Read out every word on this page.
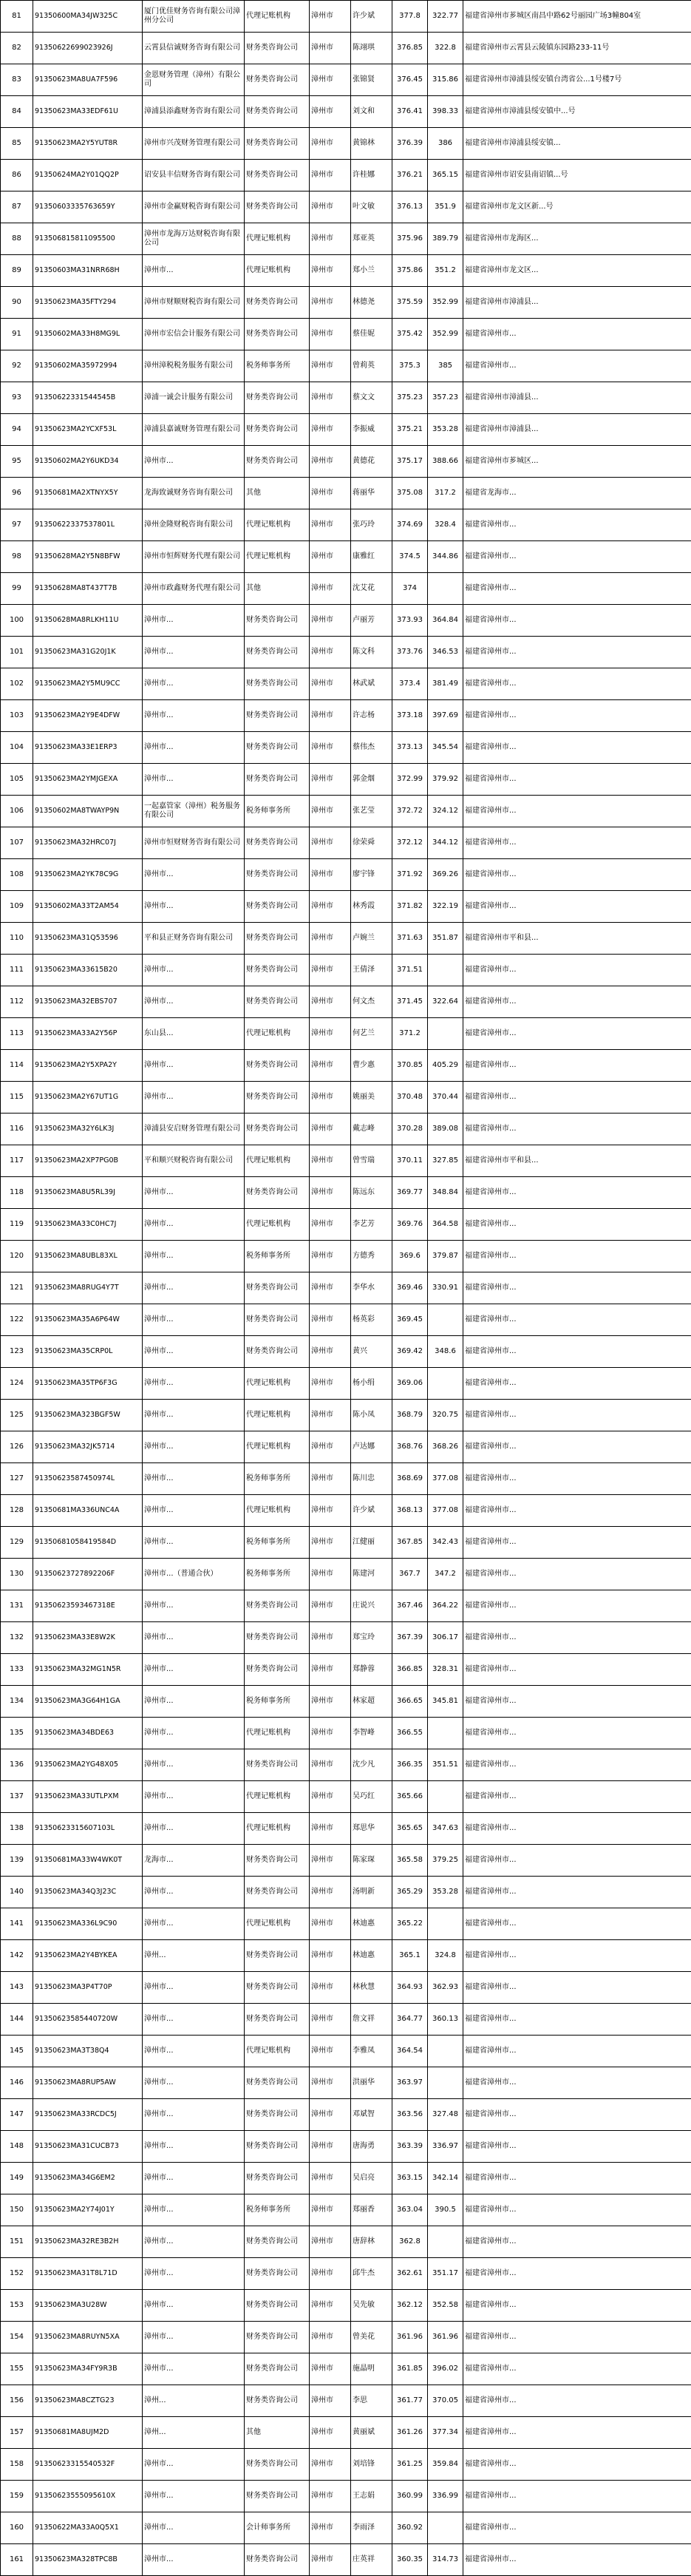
81	91350600MA34JW325C	厦门优佳财务咨询有限公司漳州分公司	代理记账机构	漳州市	许少斌	377.8	322.77	福建省漳州市芗城区南昌中路62号丽园广场3幢804室
82	91350622699023926J	云霄县信诚财务咨询有限公司	财务类咨询公司	漳州市	陈翊琪	376.85	322.8	福建省漳州市云霄县云陵镇东园路233-11号
83	91350623MA8UA7F596	金恩财务管理（漳州）有限公司	财务类咨询公司	漳州市	张锦贤	376.45	315.86	福建省漳州市漳浦县绥安镇台湾省公...1号楼7号
84	91350623MA33EDF61U	漳浦县添鑫财务咨询有限公司	财务类咨询公司	漳州市	刘文和	376.41	398.33	福建省漳州市漳浦县绥安镇中...号
85	91350623MA2Y5YUT8R	漳州市兴茂财务管理有限公司	财务类咨询公司	漳州市	黄锦林	376.39	386	福建省漳州市漳浦县绥安镇...
86	91350624MA2Y01QQ2P	诏安县丰信财务咨询有限公司	财务类咨询公司	漳州市	许桂娜	376.21	365.15	福建省漳州市诏安县南诏镇...号
87	91350603335763659Y	漳州市金赢财税咨询有限公司	财务类咨询公司	漳州市	叶文敏	376.13	351.9	福建省漳州市龙文区新...号
88	913506815811095500	漳州市龙海万达财税咨询有限公司	代理记账机构	漳州市	郑亚英	375.96	389.79	福建省漳州市龙海区...
89	91350603MA31NRR68H	漳州市...	代理记账机构	漳州市	郑小兰	375.86	351.2	福建省漳州市龙文区...
90	91350623MA35FTY294	漳州市财顺财税咨询有限公司	财务类咨询公司	漳州市	林德尧	375.59	352.99	福建省漳州市漳浦县...
91	91350602MA33H8MG9L	漳州市宏信会计服务有限公司	财务类咨询公司	漳州市	蔡佳妮	375.42	352.99	福建省漳州市...
92	91350602MA35972994	漳州漳税税务服务有限公司	税务师事务所	漳州市	曾莉英	375.3	385	福建省漳州市...
93	91350622331544545B	漳浦一诚会计服务有限公司	财务类咨询公司	漳州市	蔡文文	375.23	357.23	福建省漳州市漳浦县...
94	91350623MA2YCXF53L	漳浦县嘉诚财务管理有限公司	财务类咨询公司	漳州市	李振威	375.21	353.28	福建省漳州市漳浦县...
95	91350602MA2Y6UKD34	漳州市...	财务类咨询公司	漳州市	黄德花	375.17	388.66	福建省漳州市芗城区...
96	91350681MA2XTNYX5Y	龙海致诚财务咨询有限公司	其他	漳州市	蒋丽华	375.08	317.2	福建省龙海市...
97	91350622337537801L	漳州金隆财税咨询有限公司	代理记账机构	漳州市	张巧玲	374.69	328.4	福建省漳州市...
98	91350628MA2Y5N8BFW	漳州市恒辉财务代理有限公司	代理记账机构	漳州市	康雅红	374.5	344.86	福建省漳州市...
99	91350628MA8T437T7B	漳州市政鑫财务代理有限公司	其他	漳州市	沈艾花	374		福建省漳州市...
100	91350628MA8RLKH11U	漳州市...	财务类咨询公司	漳州市	卢丽芳	373.93	364.84	福建省漳州市...
101	91350623MA31G20J1K	漳州市...	财务类咨询公司	漳州市	陈文科	373.76	346.53	福建省漳州市...
102	91350623MA2Y5MU9CC	漳州市...	财务类咨询公司	漳州市	林武斌	373.4	381.49	福建省漳州市...
103	91350623MA2Y9E4DFW	漳州市...	财务类咨询公司	漳州市	许志杨	373.18	397.69	福建省漳州市...
104	91350623MA33E1ERP3	漳州市...	财务类咨询公司	漳州市	蔡伟杰	373.13	345.54	福建省漳州市...
105	91350623MA2YMJGEXA	漳州市...	财务类咨询公司	漳州市	郭金烟	372.99	379.92	福建省漳州市...
106	91350602MA8TWAYP9N	一起嘉管家（漳州）税务服务有限公司	税务师事务所	漳州市	张艺莹	372.72	324.12	福建省漳州市...
107	91350623MA32HRC07J	漳州市恒财财务咨询有限公司	财务类咨询公司	漳州市	徐荣舜	372.12	344.12	福建省漳州市...
108	91350623MA2YK78C9G	漳州市...	财务类咨询公司	漳州市	廖宇锋	371.92	369.26	福建省漳州市...
109	91350602MA33T2AM54	漳州市...	财务类咨询公司	漳州市	林秀霞	371.82	322.19	福建省漳州市...
110	91350623MA31Q53596	平和县正财务咨询有限公司	财务类咨询公司	漳州市	卢婉兰	371.63	351.87	福建省漳州市平和县...
111	91350623MA33615B20	漳州市...	财务类咨询公司	漳州市	王倩泽	371.51		福建省漳州市...
112	91350623MA32EBS707	漳州市...	财务类咨询公司	漳州市	何文杰	371.45	322.64	福建省漳州市...
113	91350623MA33A2Y56P	东山县...	代理记账机构	漳州市	何艺兰	371.2		福建省漳州市...
114	91350623MA2Y5XPA2Y	漳州市...	财务类咨询公司	漳州市	曹少惠	370.85	405.29	福建省漳州市...
115	91350623MA2Y67UT1G	漳州市...	财务类咨询公司	漳州市	姚丽美	370.48	370.44	福建省漳州市...
116	91350623MA32Y6LK3J	漳浦县安启财务管理有限公司	财务类咨询公司	漳州市	戴志峰	370.28	389.08	福建省漳州市...
117	91350623MA2XP7PG0B	平和顺兴财税咨询有限公司	代理记账机构	漳州市	曾雪瑞	370.11	327.85	福建省漳州市平和县...
118	91350623MA8U5RL39J	漳州市...	财务类咨询公司	漳州市	陈远东	369.77	348.84	福建省漳州市...
119	91350623MA33C0HC7J	漳州市...	代理记账机构	漳州市	李艺芳	369.76	364.58	福建省漳州市...
120	91350623MA8UBL83XL	漳州市...	税务师事务所	漳州市	方德秀	369.6	379.87	福建省漳州市...
121	91350623MA8RUG4Y7T	漳州市...	财务类咨询公司	漳州市	李华水	369.46	330.91	福建省漳州市...
122	91350623MA35A6P64W	漳州市...	财务类咨询公司	漳州市	杨英彩	369.45		福建省漳州市...
123	91350623MA35CRP0L	漳州市...	财务类咨询公司	漳州市	黄兴	369.42	348.6	福建省漳州市...
124	91350623MA35TP6F3G	漳州市...	代理记账机构	漳州市	杨小绢	369.06		福建省漳州市...
125	91350623MA323BGF5W	漳州市...	代理记账机构	漳州市	陈小凤	368.79	320.75	福建省漳州市...
126	91350623MA32JK5714	漳州市...	代理记账机构	漳州市	卢达娜	368.76	368.26	福建省漳州市...
127	91350623587450974L	漳州市...	税务师事务所	漳州市	陈川忠	368.69	377.08	福建省漳州市...
128	91350681MA336UNC4A	漳州市...	代理记账机构	漳州市	许少斌	368.13	377.08	福建省漳州市...
129	91350681058419584D	漳州市...	税务师事务所	漳州市	江健丽	367.85	342.43	福建省漳州市...
130	91350623727892206F	漳州市...（普通合伙）	税务师事务所	漳州市	陈建河	367.7	347.2	福建省漳州市...
131	91350623593467318E	漳州市...	财务类咨询公司	漳州市	庄说兴	367.46	364.22	福建省漳州市...
132	91350623MA33E8W2K	漳州市...	财务类咨询公司	漳州市	郑宝玲	367.39	306.17	福建省漳州市...
133	91350623MA32MG1N5R	漳州市...	财务类咨询公司	漳州市	郑静蓉	366.85	328.31	福建省漳州市...
134	91350623MA3G64H1GA	漳州市...	税务师事务所	漳州市	林家超	366.65	345.81	福建省漳州市...
135	91350623MA34BDE63	漳州市...	代理记账机构	漳州市	李智峰	366.55		福建省漳州市...
136	91350623MA2YG48X05	漳州市...	财务类咨询公司	漳州市	沈少凡	366.35	351.51	福建省漳州市...
137	91350623MA33UTLPXM	漳州市...	代理记账机构	漳州市	吴巧红	365.66		福建省漳州市...
138	91350623315607103L	漳州市...	代理记账机构	漳州市	郑思华	365.65	347.63	福建省漳州市...
139	91350681MA33W4WK0T	龙海市...	财务类咨询公司	漳州市	陈家琛	365.58	379.25	福建省漳州市...
140	91350623MA34Q3J23C	漳州市...	财务类咨询公司	漳州市	汤明新	365.29	353.28	福建省漳州市...
141	91350623MA336L9C90	漳州市...	代理记账机构	漳州市	林迪惠	365.22		福建省漳州市...
142	91350623MA2Y4BYKEA	漳州...	财务类咨询公司	漳州市	林迪惠	365.1	324.8	福建省漳州市...
143	91350623MA3P4T70P	漳州市...	财务类咨询公司	漳州市	林秋慧	364.93	362.93	福建省漳州市...
144	91350623585440720W	漳州市...	财务类咨询公司	漳州市	詹文祥	364.77	360.13	福建省漳州市...
145	91350623MA3T38Q4	漳州市...	代理记账机构	漳州市	李雅凤	364.54		福建省漳州市...
146	91350623MA8RUP5AW	漳州市...	财务类咨询公司	漳州市	洪丽华	363.97		福建省漳州市...
147	91350623MA33RCDC5J	漳州市...	财务类咨询公司	漳州市	邓斌智	363.56	327.48	福建省漳州市...
148	91350623MA31CUCB73	漳州市...	财务类咨询公司	漳州市	唐海勇	363.39	336.97	福建省漳州市...
149	91350623MA34G6EM2	漳州市...	财务类咨询公司	漳州市	吴启亮	363.15	342.14	福建省漳州市...
150	91350623MA2Y74J01Y	漳州市...	税务师事务所	漳州市	郑丽香	363.04	390.5	福建省漳州市...
151	91350623MA32RE3B2H	漳州市...	财务类咨询公司	漳州市	唐辞林	362.8		福建省漳州市...
152	91350623MA31T8L71D	漳州市...	财务类咨询公司	漳州市	邱牛杰	362.61	351.17	福建省漳州市...
153	91350623MA3U28W	漳州市...	财务类咨询公司	漳州市	吴先敏	362.12	352.58	福建省漳州市...
154	91350623MA8RUYN5XA	漳州市...	财务类咨询公司	漳州市	曾美花	361.96	361.96	福建省漳州市...
155	91350623MA34FY9R3B	漳州市...	财务类咨询公司	漳州市	施晶明	361.85	396.02	福建省漳州市...
156	91350623MA8CZTG23	漳州...	财务类咨询公司	漳州市	李思	361.77	370.05	福建省漳州市...
157	91350681MA8UJM2D	漳州...	其他	漳州市	黄丽斌	361.26	377.34	福建省漳州市...
158	91350623315540532F	漳州市...	财务类咨询公司	漳州市	刘培锋	361.25	359.84	福建省漳州市...
159	91350623555095610X	漳州市...	财务类咨询公司	漳州市	王志娟	360.99	336.99	福建省漳州市...
160	91350622MA33A0Q5X1	漳州市...	会计师事务所	漳州市	李雨泽	360.92		福建省漳州市...
161	91350623MA328TPC8B	漳州市...	财务类咨询公司	漳州市	庄英祥	360.35	314.73	福建省漳州市...
